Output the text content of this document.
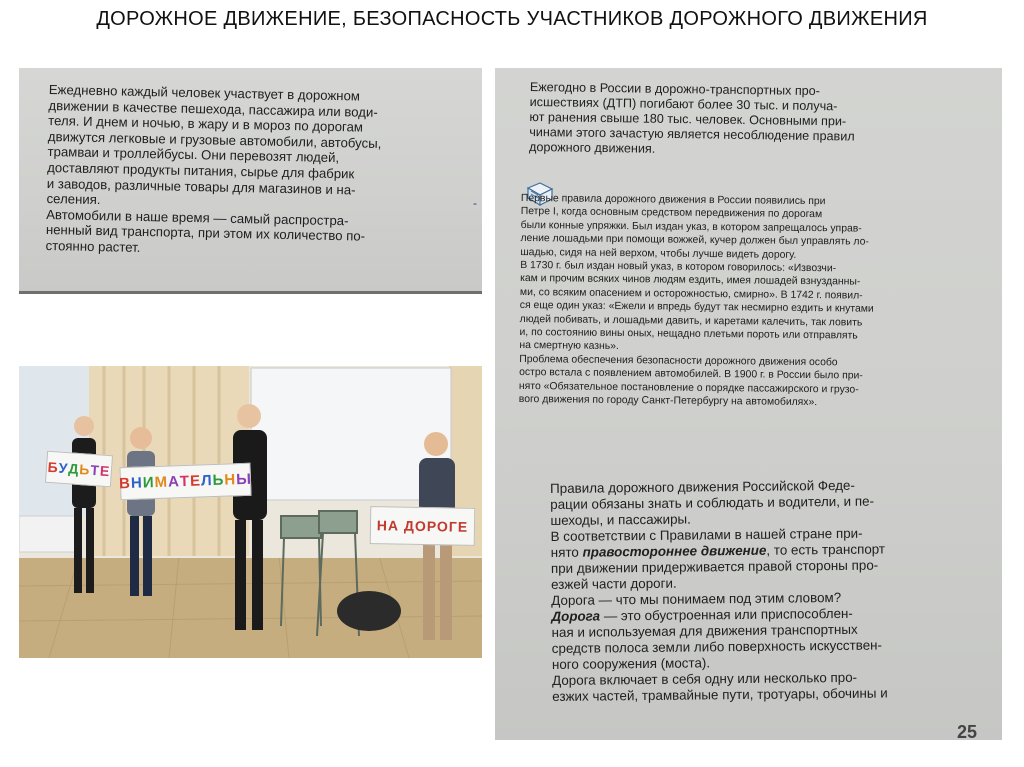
ДОРОЖНОЕ ДВИЖЕНИЕ, БЕЗОПАСНОСТЬ УЧАСТНИКОВ ДОРОЖНОГО ДВИЖЕНИЯ
Ежедневно каждый человек участвует в дорожном
движении в качестве пешехода, пассажира или води-
теля. И днем и ночью, в жару и в мороз по дорогам
движутся легковые и грузовые автомобили, автобусы,
трамваи и троллейбусы. Они перевозят людей,
доставляют продукты питания, сырье для фабрик
и заводов, различные товары для магазинов и на-
селения.
Автомобили в наше время — самый распростра-
ненный вид транспорта, при этом их количество по-
стоянно растет.
-
Ежегодно в России в дорожно-транспортных про-
исшествиях (ДТП) погибают более 30 тыс. и получа-
ют ранения свыше 180 тыс. человек. Основными при-
чинами этого зачастую является несоблюдение правил
дорожного движения.
Первые правила дорожного движения в России появились при
Петре I, когда основным средством передвижения по дорогам
были конные упряжки. Был издан указ, в котором запрещалось управ-
ление лошадьми при помощи вожжей, кучер должен был управлять ло-
шадью, сидя на ней верхом, чтобы лучше видеть дорогу.
В 1730 г. был издан новый указ, в котором говорилось: «Извозчи-
кам и прочим всяких чинов людям ездить, имея лошадей взнузданны-
ми, со всяким опасением и осторожностью, смирно». В 1742 г. появил-
ся еще один указ: «Ежели и впредь будут так несмирно ездить и кнутами
людей побивать, и лошадьми давить, и каретами калечить, так ловить
и, по состоянию вины оных, нещадно плетьми пороть или отправлять
на смертную казнь».
Проблема обеспечения безопасности дорожного движения особо
остро встала с появлением автомобилей. В 1900 г. в России было при-
нято «Обязательное постановление о порядке пассажирского и грузо-
вого движения по городу Санкт-Петербургу на автомобилях».
Правила дорожного движения Российской Феде-
рации обязаны знать и соблюдать и водители, и пе-
шеходы, и пассажиры.
В соответствии с Правилами в нашей стране при-
нято правостороннее движение, то есть транспорт
при движении придерживается правой стороны про-
езжей части дороги.
Дорога — что мы понимаем под этим словом?
Дорога — это обустроенная или приспособлен-
ная и используемая для движения транспортных
средств полоса земли либо поверхность искусствен-
ного сооружения (моста).
Дорога включает в себя одну или несколько про-
езжих частей, трамвайные пути, тротуары, обочины и
25
Б
У
Д
Ь
Т
Е
В Н И М А Т Е Л Ь Н Ы
НА ДОРОГЕ
